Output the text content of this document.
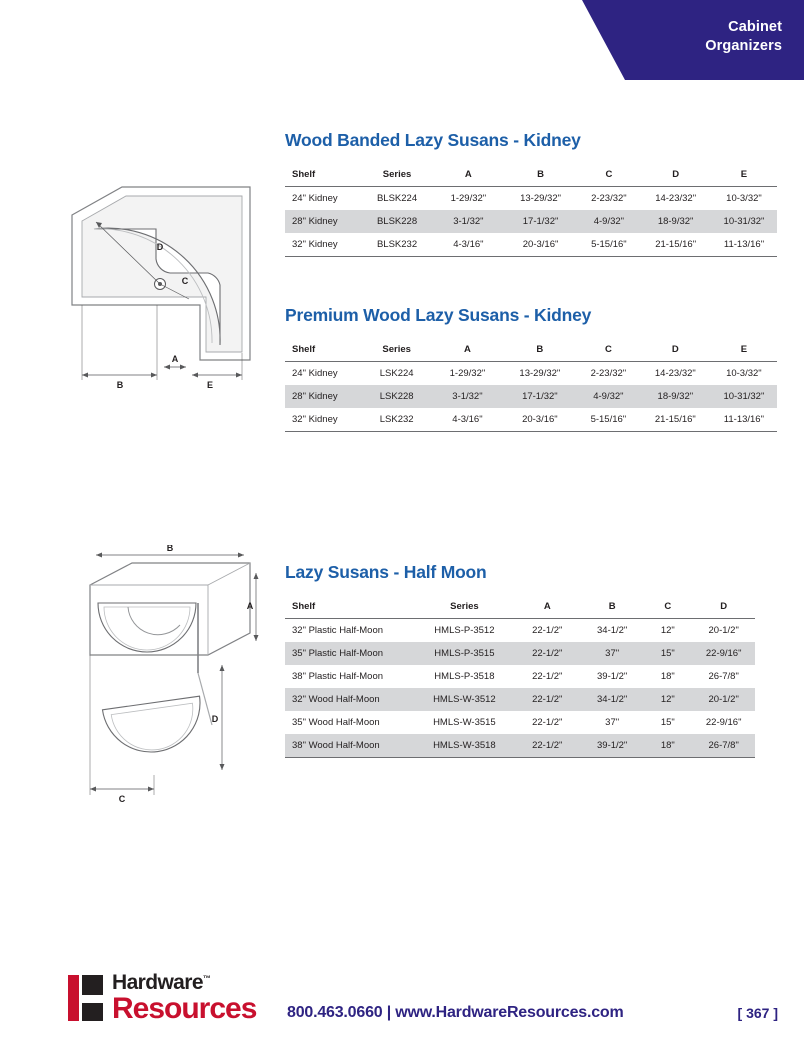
Cabinet
Organizers
Wood Banded Lazy Susans - Kidney
Shelf	Series	A	B	C	D	E
24" Kidney	BLSK224	1-29/32"	13-29/32"	2-23/32"	14-23/32"	10-3/32"
28" Kidney	BLSK228	3-1/32"	17-1/32"	4-9/32"	18-9/32"	10-31/32"
32" Kidney	BLSK232	4-3/16"	20-3/16"	5-15/16"	21-15/16"	11-13/16"
Premium Wood Lazy Susans - Kidney
Shelf	Series	A	B	C	D	E
24" Kidney	LSK224	1-29/32"	13-29/32"	2-23/32"	14-23/32"	10-3/32"
28" Kidney	LSK228	3-1/32"	17-1/32"	4-9/32"	18-9/32"	10-31/32"
32" Kidney	LSK232	4-3/16"	20-3/16"	5-15/16"	21-15/16"	11-13/16"
Lazy Susans - Half Moon
Shelf	Series	A	B	C	D
32" Plastic Half-Moon	HMLS-P-3512	22-1/2"	34-1/2"	12"	20-1/2"
35" Plastic Half-Moon	HMLS-P-3515	22-1/2"	37"	15"	22-9/16"
38" Plastic Half-Moon	HMLS-P-3518	22-1/2"	39-1/2"	18"	26-7/8"
32" Wood Half-Moon	HMLS-W-3512	22-1/2"	34-1/2"	12"	20-1/2"
35" Wood Half-Moon	HMLS-W-3515	22-1/2"	37"	15"	22-9/16"
38" Wood Half-Moon	HMLS-W-3518	22-1/2"	39-1/2"	18"	26-7/8"
D
C
A
B	E
B
A
D
C
Hardware™
Resources 800.463.0660 | www.HardwareResources.com	[ 367 ]
